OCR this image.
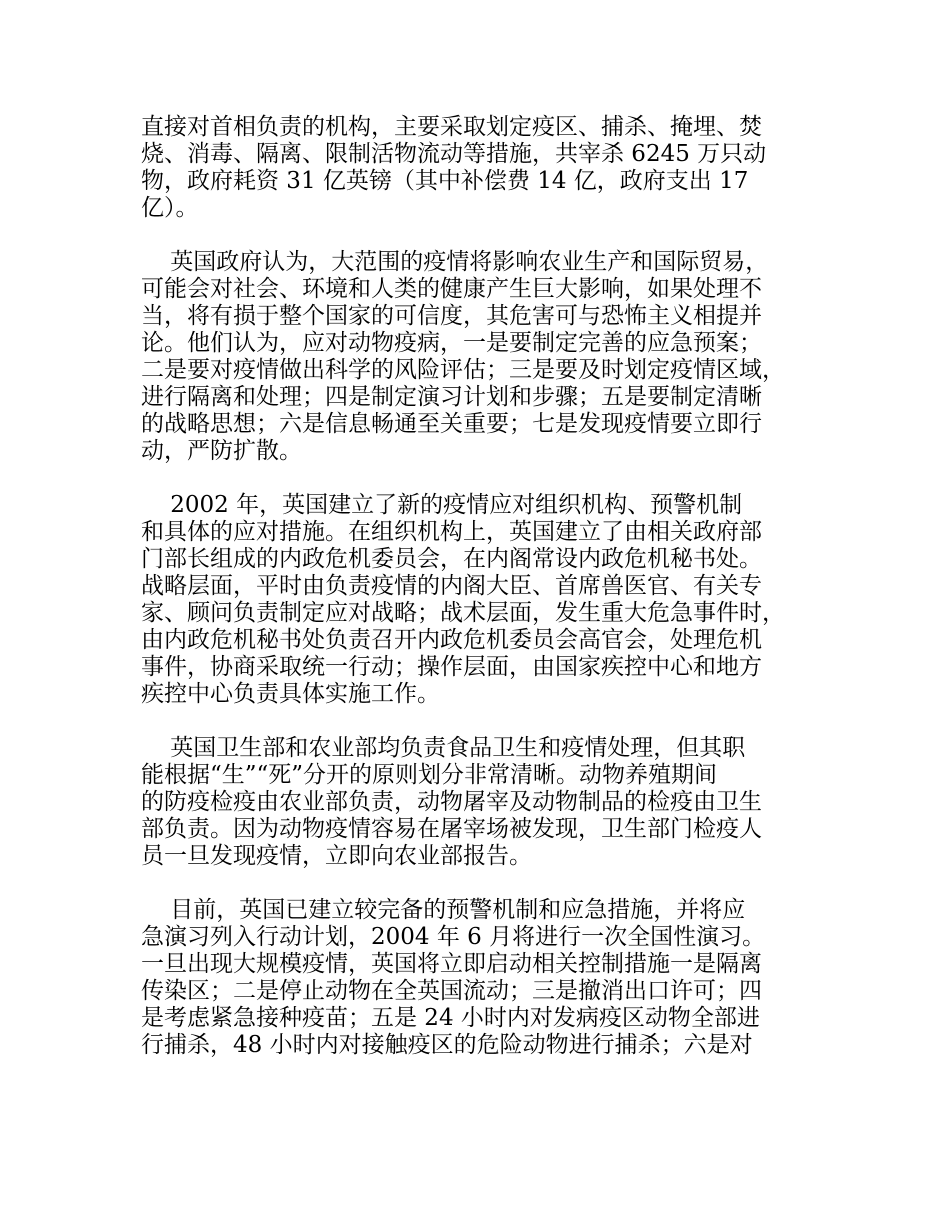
直接对首相负责的机构，主要采取划定疫区、捕杀、掩埋、焚
烧、消毒、隔离、限制活物流动等措施，共宰杀 6245 万只动
物，政府耗资 31 亿英镑（其中补偿费 14 亿，政府支出 17
亿）。
英国政府认为，大范围的疫情将影响农业生产和国际贸易，
可能会对社会、环境和人类的健康产生巨大影响，如果处理不
当，将有损于整个国家的可信度，其危害可与恐怖主义相提并
论。他们认为，应对动物疫病，一是要制定完善的应急预案；
二是要对疫情做出科学的风险评估；三是要及时划定疫情区域，
进行隔离和处理；四是制定演习计划和步骤；五是要制定清晰
的战略思想；六是信息畅通至关重要；七是发现疫情要立即行
动，严防扩散。
2002 年，英国建立了新的疫情应对组织机构、预警机制
和具体的应对措施。在组织机构上，英国建立了由相关政府部
门部长组成的内政危机委员会，在内阁常设内政危机秘书处。
战略层面，平时由负责疫情的内阁大臣、首席兽医官、有关专
家、顾问负责制定应对战略；战术层面，发生重大危急事件时，
由内政危机秘书处负责召开内政危机委员会高官会，处理危机
事件，协商采取统一行动；操作层面，由国家疾控中心和地方
疾控中心负责具体实施工作。
英国卫生部和农业部均负责食品卫生和疫情处理，但其职
能根据“生”“死”分开的原则划分非常清晰。动物养殖期间
的防疫检疫由农业部负责，动物屠宰及动物制品的检疫由卫生
部负责。因为动物疫情容易在屠宰场被发现，卫生部门检疫人
员一旦发现疫情，立即向农业部报告。
目前，英国已建立较完备的预警机制和应急措施，并将应
急演习列入行动计划，2004 年 6 月将进行一次全国性演习。
一旦出现大规模疫情，英国将立即启动相关控制措施一是隔离
传染区；二是停止动物在全英国流动；三是撤消出口许可；四
是考虑紧急接种疫苗；五是 24 小时内对发病疫区动物全部进
行捕杀，48 小时内对接触疫区的危险动物进行捕杀；六是对
